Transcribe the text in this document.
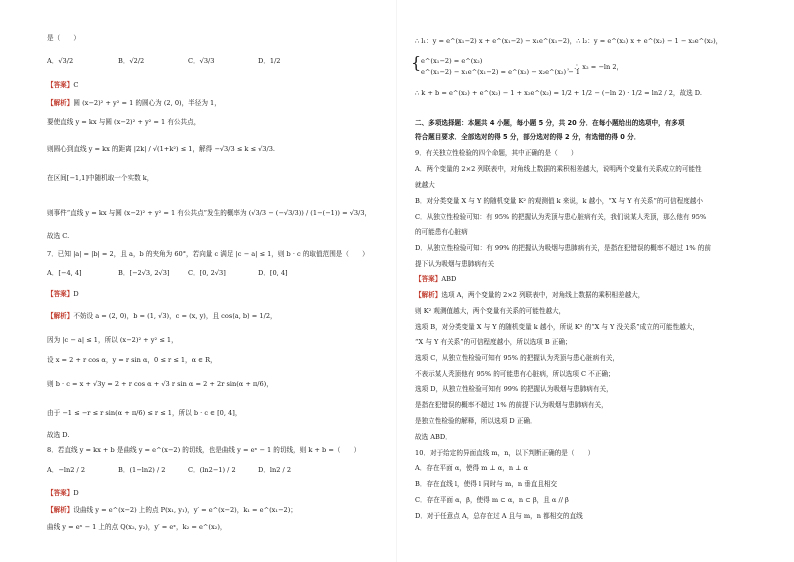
是（　　）
A．√3/2	B．√2/2	C．√3/3	D．1/2
【答案】C
【解析】圆 (x−2)² + y² = 1 的圆心为 (2, 0)，半径为 1，
要使直线 y = kx 与圆 (x−2)² + y² = 1 有公共点，
则圆心到直线 y = kx 的距离 |2k| / √(1+k²) ≤ 1，解得 −√3/3 ≤ k ≤ √3/3.
在区间[−1,1]中随机取一个实数 k，
则事件“直线 y = kx 与圆 (x−2)² + y² = 1 有公共点”发生的概率为 (√3/3 − (−√3/3)) / (1−(−1)) = √3/3，
故选 C.
7．已知 |a| = |b| = 2，且 a，b 的夹角为 60°，若向量 c 满足 |c − a| ≤ 1，则 b · c 的取值范围是（　　）
A．[−4, 4]	B．[−2√3, 2√3]	C．[0, 2√3]	D．[0, 4]
【答案】D
【解析】不妨设 a = (2, 0)，b = (1, √3)，c = (x, y)，且 cos⟨a, b⟩ = 1/2，
因为 |c − a| ≤ 1，所以 (x−2)² + y² ≤ 1，
设 x = 2 + r cos α，y = r sin α，0 ≤ r ≤ 1，α ∈ R，
则 b · c = x + √3y = 2 + r cos α + √3 r sin α = 2 + 2r sin(α + π/6)，
由于 −1 ≤ −r ≤ r sin(α + π/6) ≤ r ≤ 1，所以 b · c ∈ [0, 4]，
故选 D.
8．若直线 y = kx + b 是曲线 y = e^(x−2) 的切线，也是曲线 y = eˣ − 1 的切线，则 k + b =（　　）
A．−ln2 / 2	B．(1−ln2) / 2	C．(ln2−1) / 2	D．ln2 / 2
【答案】D
【解析】设曲线 y = e^(x−2) 上的点 P(x₁, y₁)，y′ = e^(x−2)，k₁ = e^(x₁−2)；
曲线 y = eˣ − 1 上的点 Q(x₂, y₂)，y′ = eˣ，k₂ = e^(x₂)，
∴ l₁：y = e^(x₁−2) x + e^(x₁−2) − x₁e^(x₁−2)，∴ l₂：y = e^(x₂) x + e^(x₂) − 1 − x₂e^(x₂)，
{ e^(x₁−2) = e^(x₂)
e^(x₁−2) − x₁e^(x₁−2) = e^(x₂) − x₂e^(x₂) − 1
，∴ x₂ = −ln 2，
∴ k + b = e^(x₂) + e^(x₂) − 1 + x₂e^(x₂) = 1/2 + 1/2 − (−ln 2) · 1/2 = ln2 / 2，故选 D.
二、多项选择题：本题共 4 小题，每小题 5 分，共 20 分．在每小题给出的选项中，有多项
符合题目要求．全部选对的得 5 分，部分选对的得 2 分，有选错的得 0 分．
9．有关独立性检验的四个命题，其中正确的是（　　）
A．两个变量的 2×2 列联表中，对角线上数据的乘积相差越大，说明两个变量有关系成立的可能性
就越大
B．对分类变量 X 与 Y 的随机变量 K² 的观测值 k 来说，k 越小，“X 与 Y 有关系”的可信程度越小
C．从独立性检验可知：有 95% 的把握认为秃顶与患心脏病有关，我们说某人秃顶，那么他有 95%
的可能患有心脏病
D．从独立性检验可知：有 99% 的把握认为吸烟与患肺病有关，是指在犯错误的概率不超过 1% 的前
提下认为吸烟与患肺病有关
【答案】ABD
【解析】选项 A，两个变量的 2×2 列联表中，对角线上数据的乘积相差越大，
则 K² 观测值越大，两个变量有关系的可能性越大，
选项 B，对分类变量 X 与 Y 的随机变量 k 越小，所说 K² 的“X 与 Y 没关系”成立的可能性越大，
“X 与 Y 有关系”的可信程度越小，所以选项 B 正确；
选项 C，从独立性检验可知有 95% 的把握认为秃顶与患心脏病有关，
不表示某人秃顶他有 95% 的可能患有心脏病，所以选项 C 不正确；
选项 D，从独立性检验可知有 99% 的把握认为吸烟与患肺病有关，
是指在犯错误的概率不超过 1% 的前提下认为吸烟与患肺病有关，
是独立性检验的解释，所以选项 D 正确．
故选 ABD．
10．对于给定的异面直线 m，n，以下判断正确的是（　　）
A．存在平面 α，使得 m ⊥ α，n ⊥ α
B．存在直线 l，使得 l 同时与 m，n 垂直且相交
C．存在平面 α，β，使得 m ⊂ α，n ⊂ β，且 α // β
D．对于任意点 A，总存在过 A 且与 m，n 都相交的直线
